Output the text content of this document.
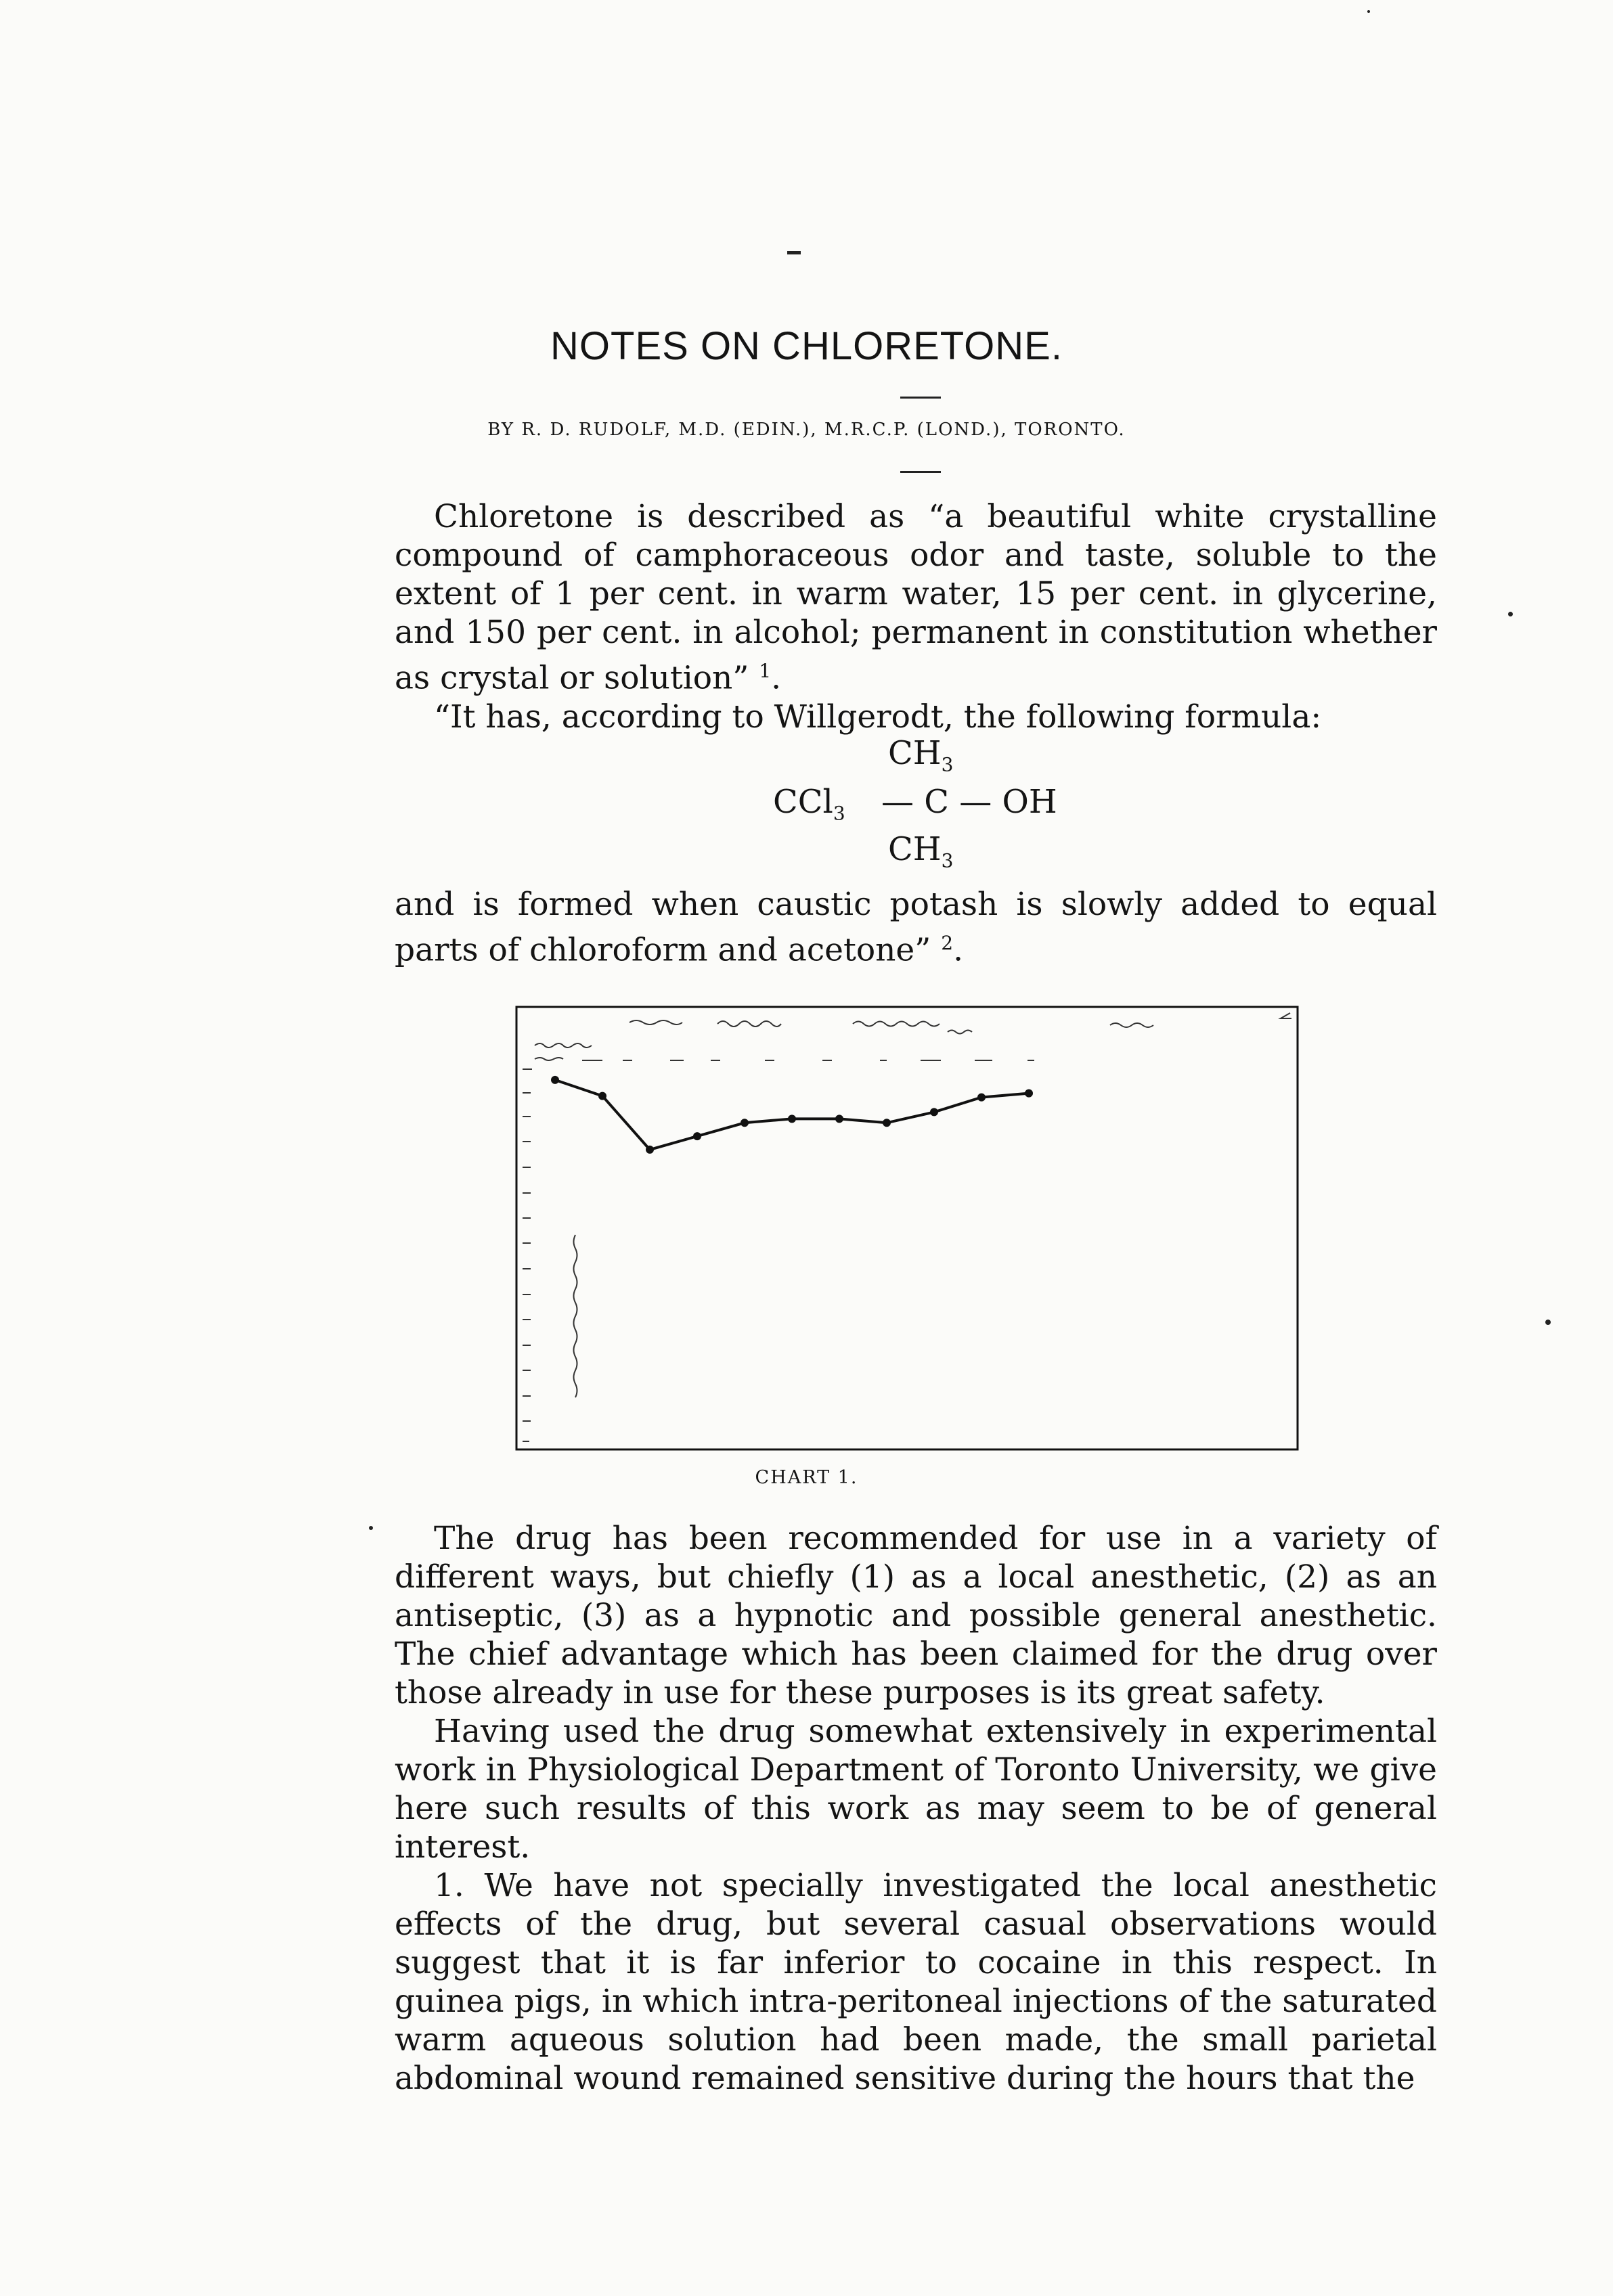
NOTES ON CHLORETONE.
BY R. D. RUDOLF, M.D. (EDIN.), M.R.C.P. (LOND.), TORONTO.

Chloretone is described as “a beautiful white crystalline compound of camphoraceous odor and taste, soluble to the extent of 1 per cent. in warm water, 15 per cent. in glycerine, and 150 per cent. in alcohol; permanent in constitution whether as crystal or solution” $^1$.

“It has, according to Willgerodt, the following formula:

$CH_3$
CCl$_3$ — C — OH
$CH_3$

and is formed when caustic potash is slowly added to equal parts of chloroform and acetone” $^2$.

CHART 1.

The drug has been recommended for use in a variety of different ways, but chiefly (1) as a local anesthetic, (2) as an antiseptic, (3) as a hypnotic and possible general anesthetic. The chief advantage which has been claimed for the drug over those already in use for these purposes is its great safety.

Having used the drug somewhat extensively in experimental work in Physiological Department of Toronto University, we give here such results of this work as may seem to be of general interest.

1. We have not specially investigated the local anesthetic effects of the drug, but several casual observations would suggest that it is far inferior to cocaine in this respect. In guinea pigs, in which intra-peritoneal injections of the saturated warm aqueous solution had been made, the small parietal abdominal wound remained sensitive during the hours that the
